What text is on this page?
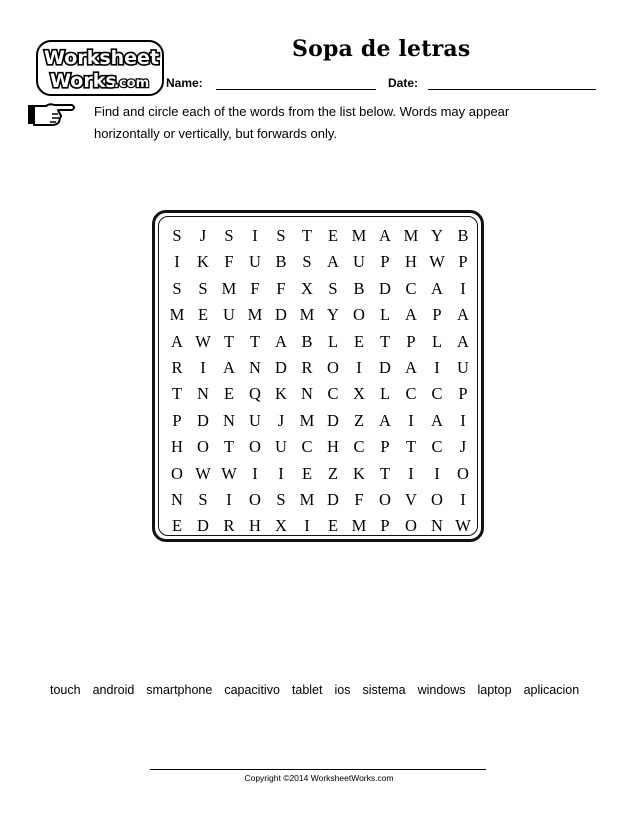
Worksheet
Works
.com
Sopa de letras
Name:	Date:
Find and circle each of the words from the list below. Words may appear horizontally or vertically, but forwards only.
S	J	S	I	S T E M A M Y B
I	K F U B S A U P H W P
S	S M F	F X S B D C A	I
M E U M D M Y O L A P A
A W T T A B L E T P L A
R	I	A N D R O	I	D A	I	U
T N E Q K N C X L C C P
P D N U	J M D Z A	I	A	I
H O T O U C H C P T C	J
O W W I	I	E Z K T	I	I	O
N S	I	O S M D F O V O	I
E D R H X	I	E M P O N W
touch android smartphone capacitivo tablet ios sistema windows laptop aplicacion
Copyright ©2014 WorksheetWorks.com
